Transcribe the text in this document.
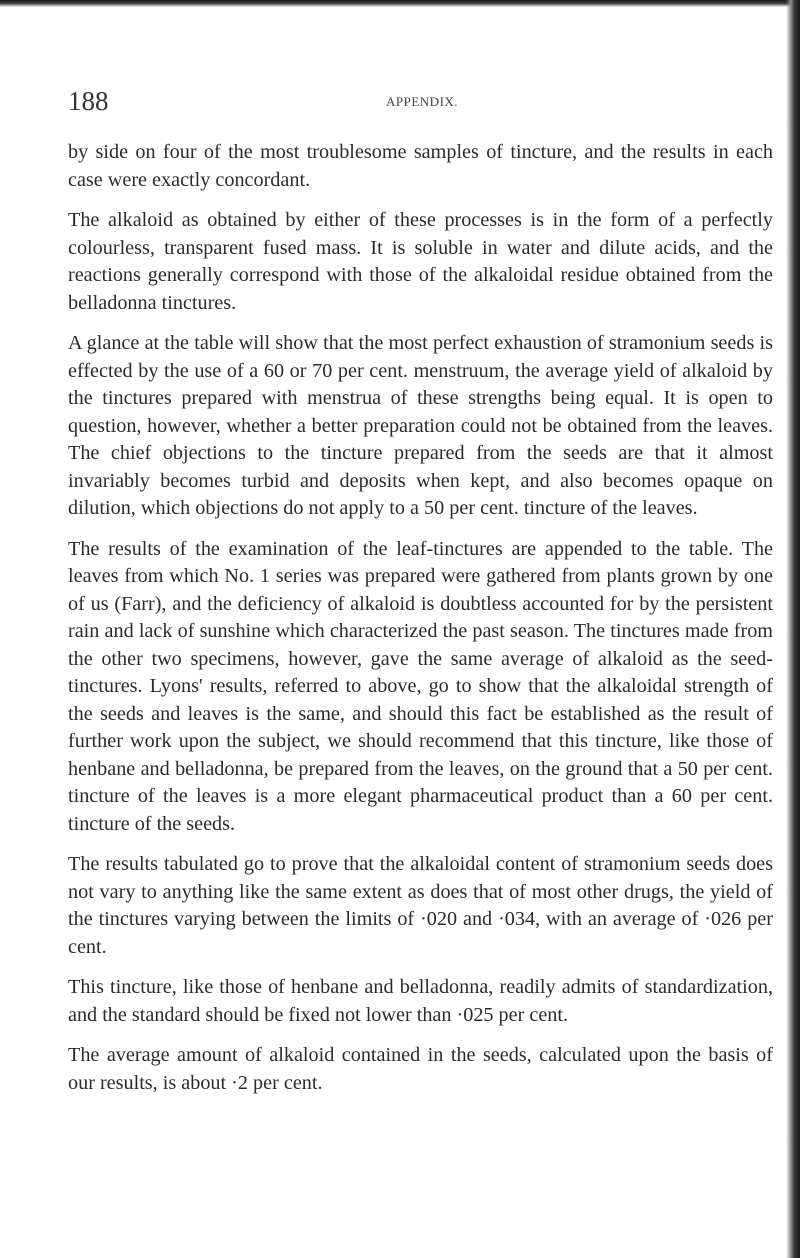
188	APPENDIX.

by side on four of the most troublesome samples of tincture, and the results in each case were exactly concordant.

The alkaloid as obtained by either of these processes is in the form of a perfectly colourless, transparent fused mass. It is soluble in water and dilute acids, and the reactions generally correspond with those of the alkaloidal residue obtained from the belladonna tinctures.

A glance at the table will show that the most perfect exhaustion of stramonium seeds is effected by the use of a 60 or 70 per cent. menstruum, the average yield of alkaloid by the tinctures prepared with menstrua of these strengths being equal. It is open to question, however, whether a better preparation could not be obtained from the leaves. The chief objections to the tincture prepared from the seeds are that it almost invariably becomes turbid and deposits when kept, and also becomes opaque on dilution, which objections do not apply to a 50 per cent. tincture of the leaves.

The results of the examination of the leaf-tinctures are appended to the table. The leaves from which No. 1 series was prepared were gathered from plants grown by one of us (Farr), and the deficiency of alkaloid is doubtless accounted for by the persistent rain and lack of sunshine which characterized the past season. The tinctures made from the other two specimens, however, gave the same average of alkaloid as the seed-tinctures. Lyons' results, referred to above, go to show that the alkaloidal strength of the seeds and leaves is the same, and should this fact be established as the result of further work upon the subject, we should recommend that this tincture, like those of henbane and belladonna, be prepared from the leaves, on the ground that a 50 per cent. tincture of the leaves is a more elegant pharmaceutical product than a 60 per cent. tincture of the seeds.

The results tabulated go to prove that the alkaloidal content of stramonium seeds does not vary to anything like the same extent as does that of most other drugs, the yield of the tinctures varying between the limits of ·020 and ·034, with an average of ·026 per cent.

This tincture, like those of henbane and belladonna, readily admits of standardization, and the standard should be fixed not lower than ·025 per cent.

The average amount of alkaloid contained in the seeds, calculated upon the basis of our results, is about ·2 per cent.
